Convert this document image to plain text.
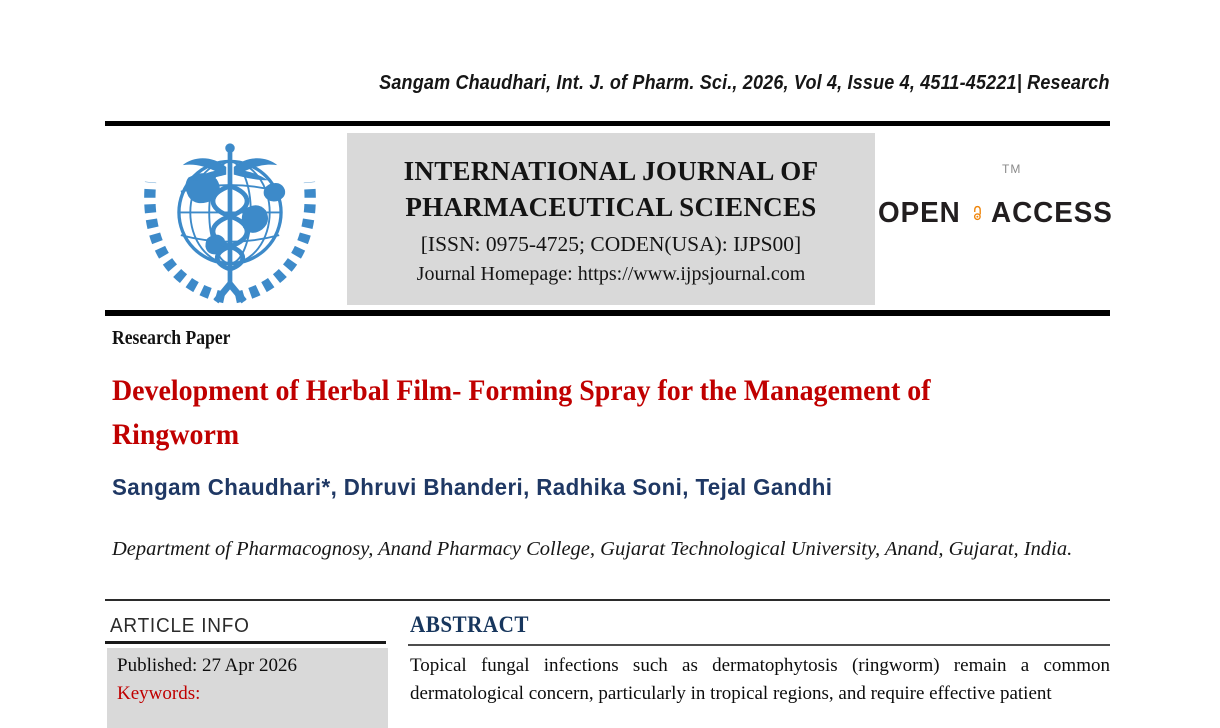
Sangam Chaudhari, Int. J. of Pharm. Sci., 2026, Vol 4, Issue 4, 4511-45221| Research
INTERNATIONAL JOURNAL OF
PHARMACEUTICAL SCIENCES
[ISSN: 0975-4725; CODEN(USA): IJPS00]
Journal Homepage: https://www.ijpsjournal.com
OPEN ACCESS
TM
Research Paper
Development of Herbal Film- Forming Spray for the Management of
Ringworm
Sangam Chaudhari*, Dhruvi Bhanderi, Radhika Soni, Tejal Gandhi
Department of Pharmacognosy, Anand Pharmacy College, Gujarat Technological University, Anand, Gujarat, India.
ARTICLE INFO
Published: 27 Apr 2026
Keywords:
ABSTRACT
Topical fungal infections such as dermatophytosis (ringworm) remain a common dermatological concern, particularly in tropical regions, and require effective patient
